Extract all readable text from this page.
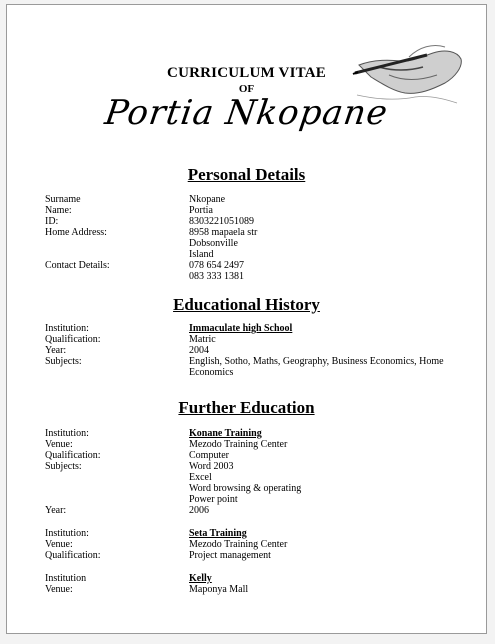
CURRICULUM VITAE
OF
Portia Nkopane
Personal Details
Surname	Nkopane
Name:	Portia
ID:	8303221051089
Home Address:	8958 mapaela str
Dobsonville
Island
Contact Details:	078 654 2497
083 333 1381
Educational History
Institution:	Immaculate high School
Qualification:	Matric
Year:	2004
Subjects:	English, Sotho, Maths, Geography, Business Economics, Home Economics
Further Education
Institution:	Konane Training
Venue:	Mezodo Training Center
Qualification:	Computer
Subjects:	Word 2003
Excel
Word browsing & operating
Power point
Year:	2006
Institution:	Seta Training
Venue:	Mezodo Training Center
Qualification:	Project management
Institution	Kelly
Venue:	Maponya Mall
